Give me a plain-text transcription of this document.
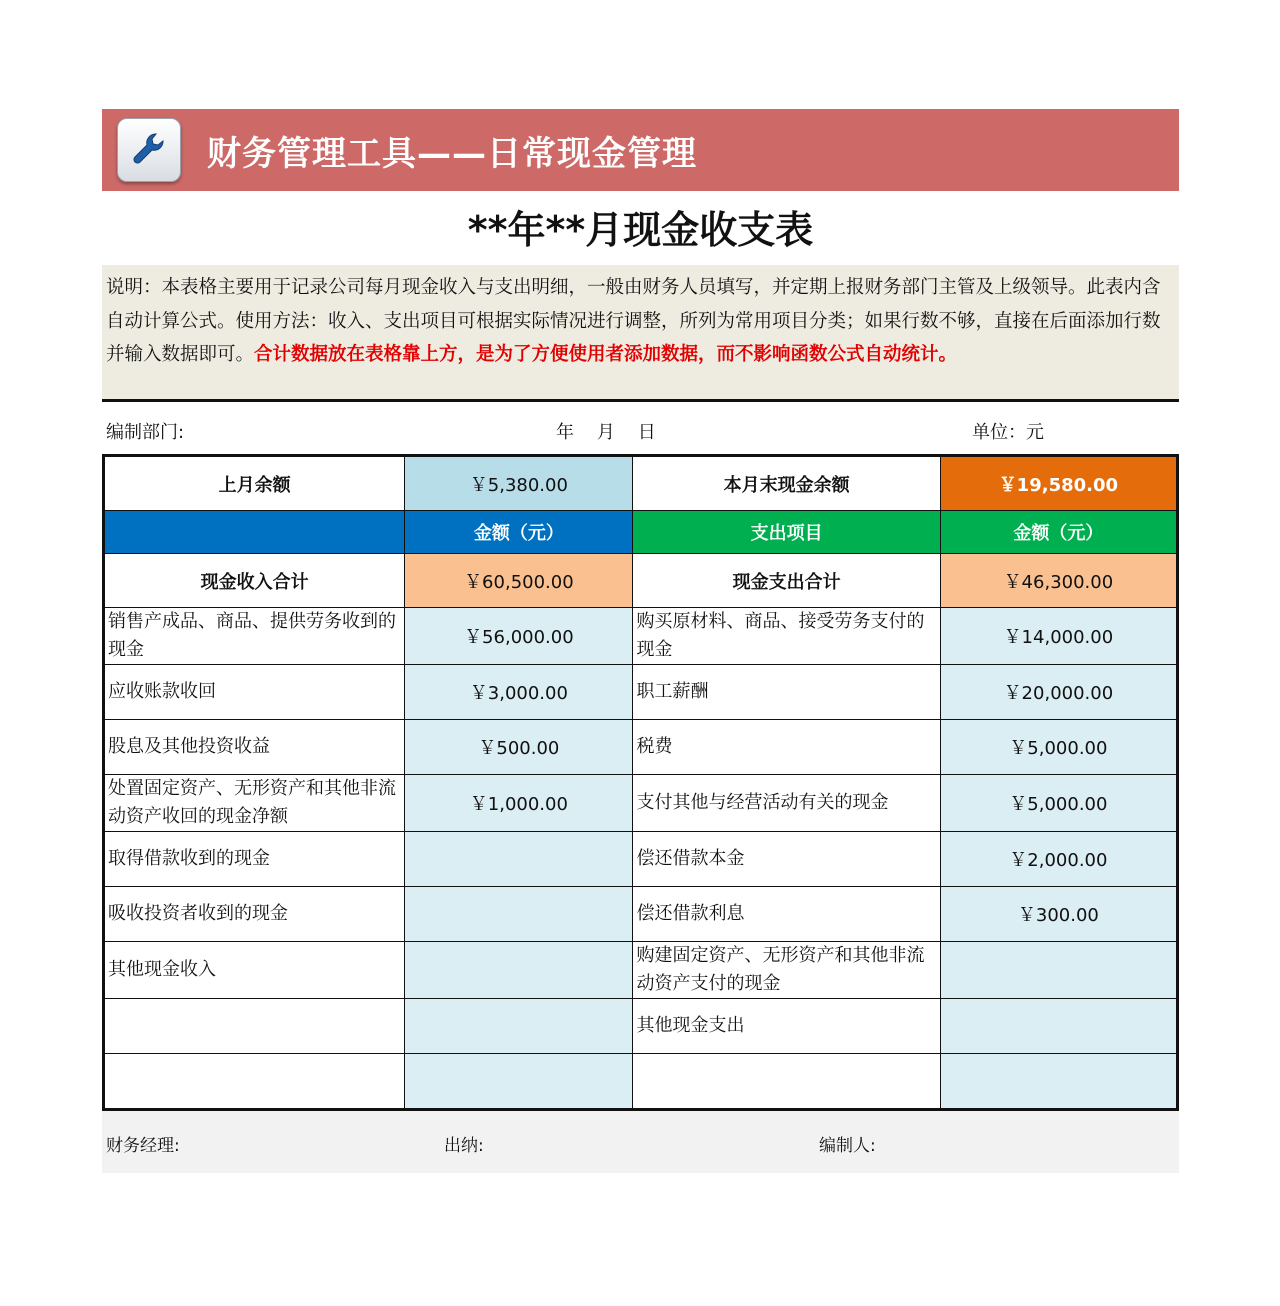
财务管理工具——日常现金管理
**年**月现金收支表
说明：本表格主要用于记录公司每月现金收入与支出明细，一般由财务人员填写，并定期上报财务部门主管及上级领导。此表内含自动计算公式。使用方法：收入、支出项目可根据实际情况进行调整，所列为常用项目分类；如果行数不够，直接在后面添加行数并输入数据即可。合计数据放在表格靠上方，是为了方便使用者添加数据，而不影响函数公式自动统计。
编制部门:	年    月    日	单位：元
上月余额	￥5,380.00	本月末现金余额	￥19,580.00
	金额（元）	支出项目	金额（元）
现金收入合计	￥60,500.00	现金支出合计	￥46,300.00
销售产成品、商品、提供劳务收到的现金	￥56,000.00	购买原材料、商品、接受劳务支付的现金	￥14,000.00
应收账款收回	￥3,000.00	职工薪酬	￥20,000.00
股息及其他投资收益	￥500.00	税费	￥5,000.00
处置固定资产、无形资产和其他非流动资产收回的现金净额	￥1,000.00	支付其他与经营活动有关的现金	￥5,000.00
取得借款收到的现金		偿还借款本金	￥2,000.00
吸收投资者收到的现金		偿还借款利息	￥300.00
其他现金收入		购建固定资产、无形资产和其他非流动资产支付的现金	
		其他现金支出	

财务经理:	出纳:	编制人:
